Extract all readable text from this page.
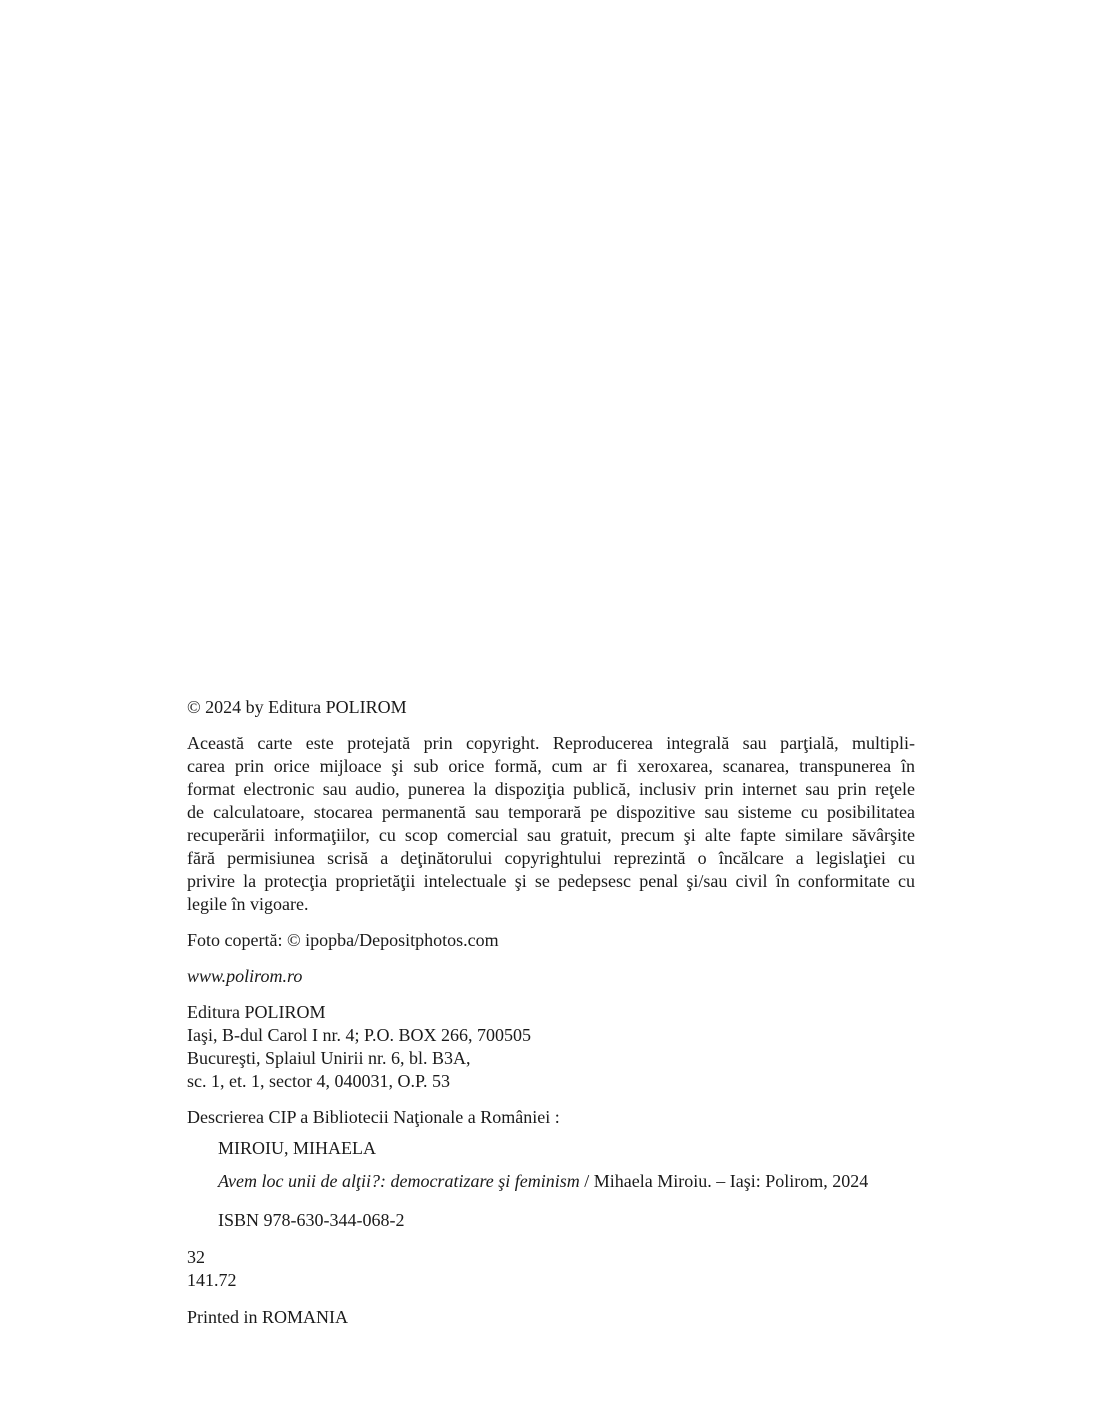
© 2024 by Editura POLIROM

Această carte este protejată prin copyright. Reproducerea integrală sau parţială, multipli-
carea prin orice mijloace şi sub orice formă, cum ar fi xeroxarea, scanarea, transpunerea în
format electronic sau audio, punerea la dispoziţia publică, inclusiv prin internet sau prin reţele
de calculatoare, stocarea permanentă sau temporară pe dispozitive sau sisteme cu posibilitatea
recuperării informaţiilor, cu scop comercial sau gratuit, precum şi alte fapte similare săvârşite
fără permisiunea scrisă a deţinătorului copyrightului reprezintă o încălcare a legislaţiei cu
privire la protecţia proprietăţii intelectuale şi se pedepsesc penal şi/sau civil în conformitate cu
legile în vigoare.

Foto copertă: © ipopba/Depositphotos.com

www.polirom.ro

Editura POLIROM
Iaşi, B-dul Carol I nr. 4; P.O. BOX 266, 700505
Bucureşti, Splaiul Unirii nr. 6, bl. B3A,
sc. 1, et. 1, sector 4, 040031, O.P. 53
Descrierea CIP a Bibliotecii Naţionale a României :
MIROIU, MIHAELA
Avem loc unii de alţii?: democratizare şi feminism / Mihaela Miroiu. – Iaşi: Polirom, 2024
ISBN 978-630-344-068-2
32
141.72

Printed in ROMANIA
